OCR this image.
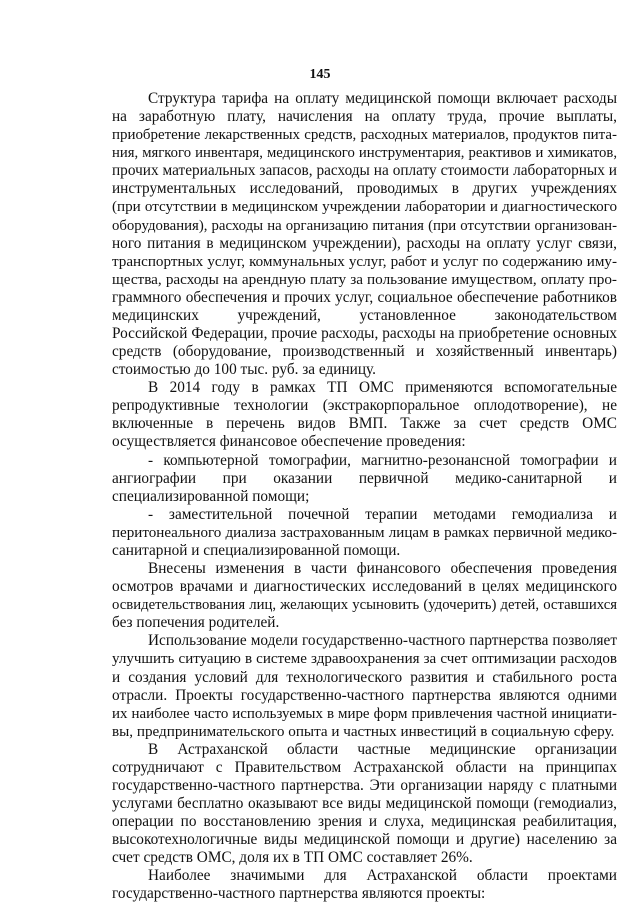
145
Структура тарифа на оплату медицинской помощи включает расходы
на заработную плату, начисления на оплату труда, прочие выплаты,
приобретение лекарственных средств, расходных материалов, продуктов пита-
ния, мягкого инвентаря, медицинского инструментария, реактивов и химикатов,
прочих материальных запасов, расходы на оплату стоимости лабораторных и
инструментальных исследований, проводимых в других учреждениях
(при отсутствии в медицинском учреждении лаборатории и диагностического
оборудования), расходы на организацию питания (при отсутствии организован-
ного питания в медицинском учреждении), расходы на оплату услуг связи,
транспортных услуг, коммунальных услуг, работ и услуг по содержанию иму-
щества, расходы на арендную плату за пользование имуществом, оплату про-
граммного обеспечения и прочих услуг, социальное обеспечение работников
медицинских учреждений, установленное законодательством
Российской Федерации, прочие расходы, расходы на приобретение основных
средств (оборудование, производственный и хозяйственный инвентарь)
стоимостью до 100 тыс. руб. за единицу.
В 2014 году в рамках ТП ОМС применяются вспомогательные
репродуктивные технологии (экстракорпоральное оплодотворение), не
включенные в перечень видов ВМП. Также за счет средств ОМС
осуществляется финансовое обеспечение проведения:
- компьютерной томографии, магнитно-резонансной томографии и
ангиографии при оказании первичной медико-санитарной и
специализированной помощи;
- заместительной почечной терапии методами гемодиализа и
перитонеального диализа застрахованным лицам в рамках первичной медико-
санитарной и специализированной помощи.
Внесены изменения в части финансового обеспечения проведения
осмотров врачами и диагностических исследований в целях медицинского
освидетельствования лиц, желающих усыновить (удочерить) детей, оставшихся
без попечения родителей.
Использование модели государственно-частного партнерства позволяет
улучшить ситуацию в системе здравоохранения за счет оптимизации расходов
и создания условий для технологического развития и стабильного роста
отрасли. Проекты государственно-частного партнерства являются одними
их наиболее часто используемых в мире форм привлечения частной инициати-
вы, предпринимательского опыта и частных инвестиций в социальную сферу.
В Астраханской области частные медицинские организации
сотрудничают с Правительством Астраханской области на принципах
государственно-частного партнерства. Эти организации наряду с платными
услугами бесплатно оказывают все виды медицинской помощи (гемодиализ,
операции по восстановлению зрения и слуха, медицинская реабилитация,
высокотехнологичные виды медицинской помощи и другие) населению за
счет средств ОМС, доля их в ТП ОМС составляет 26%.
Наиболее значимыми для Астраханской области проектами
государственно-частного партнерства являются проекты:
